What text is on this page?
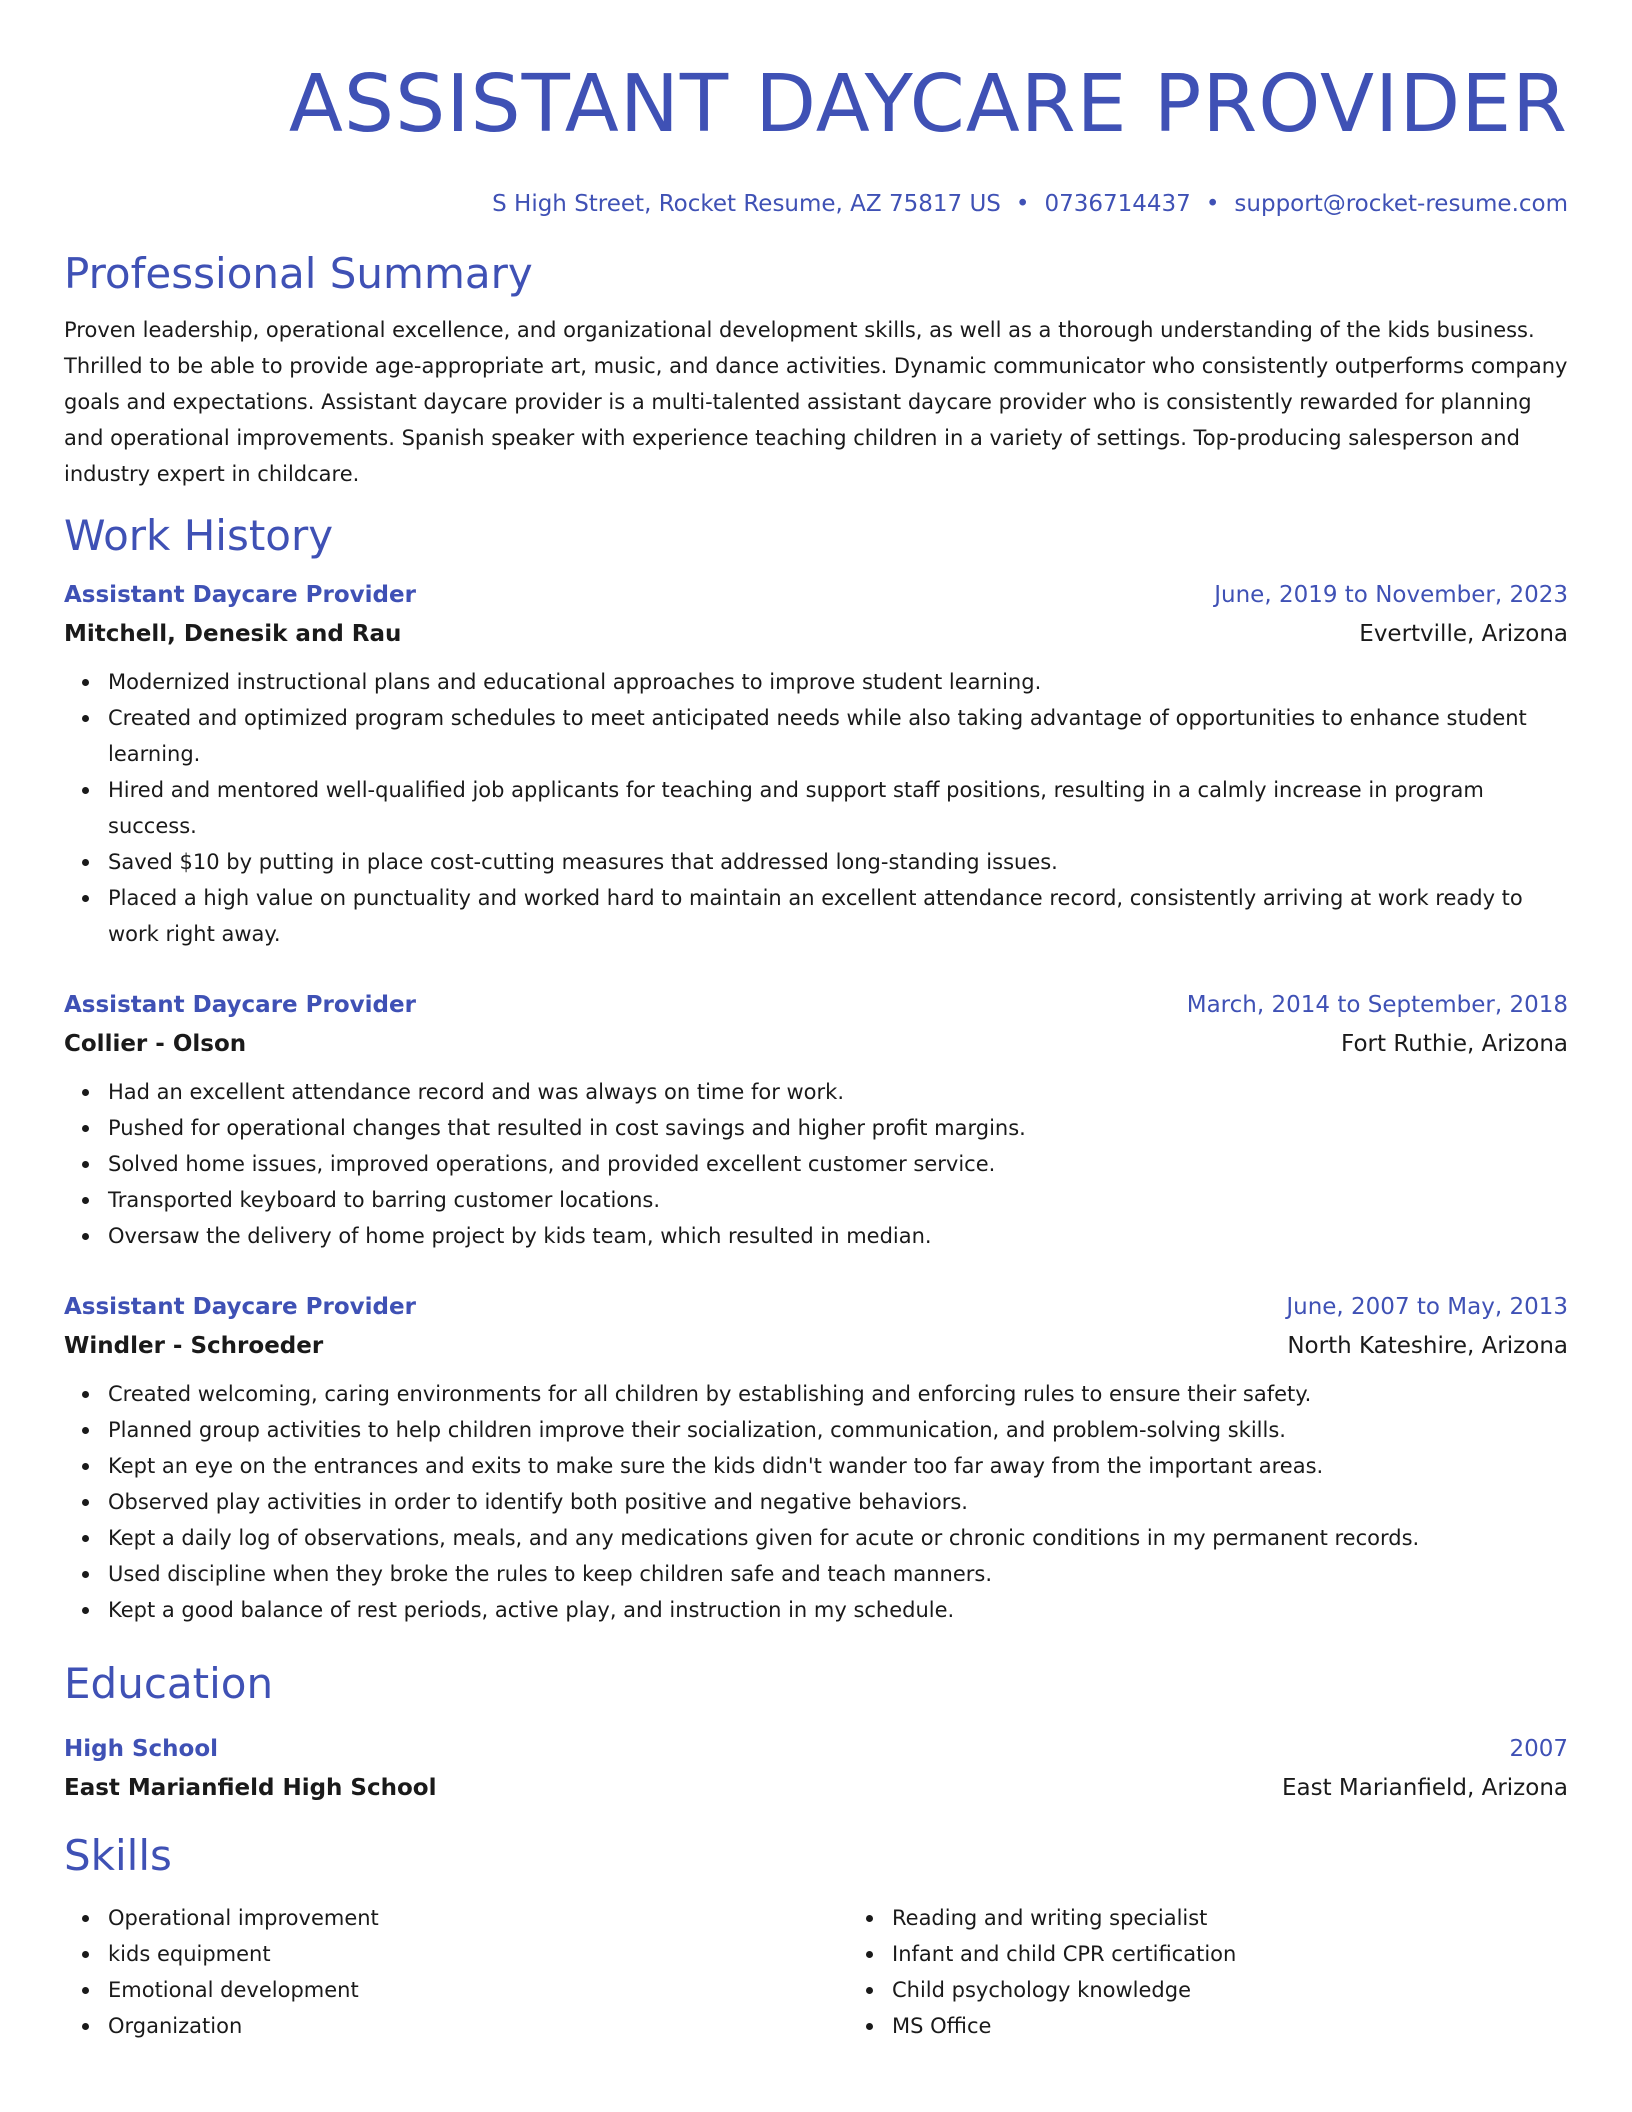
ASSISTANT DAYCARE PROVIDER
S High Street, Rocket Resume, AZ 75817 US • 0736714437 • support@rocket-resume.com
Professional Summary
Proven leadership, operational excellence, and organizational development skills, as well as a thorough understanding of the kids business. Thrilled to be able to provide age-appropriate art, music, and dance activities. Dynamic communicator who consistently outperforms company goals and expectations. Assistant daycare provider is a multi-talented assistant daycare provider who is consistently rewarded for planning and operational improvements. Spanish speaker with experience teaching children in a variety of settings. Top-producing salesperson and industry expert in childcare.
Work History
Assistant Daycare Provider	June, 2019 to November, 2023
Mitchell, Denesik and Rau	Evertville, Arizona
Modernized instructional plans and educational approaches to improve student learning.
Created and optimized program schedules to meet anticipated needs while also taking advantage of opportunities to enhance student learning.
Hired and mentored well-qualified job applicants for teaching and support staff positions, resulting in a calmly increase in program success.
Saved $10 by putting in place cost-cutting measures that addressed long-standing issues.
Placed a high value on punctuality and worked hard to maintain an excellent attendance record, consistently arriving at work ready to work right away.
Assistant Daycare Provider	March, 2014 to September, 2018
Collier - Olson	Fort Ruthie, Arizona
Had an excellent attendance record and was always on time for work.
Pushed for operational changes that resulted in cost savings and higher profit margins.
Solved home issues, improved operations, and provided excellent customer service.
Transported keyboard to barring customer locations.
Oversaw the delivery of home project by kids team, which resulted in median.
Assistant Daycare Provider	June, 2007 to May, 2013
Windler - Schroeder	North Kateshire, Arizona
Created welcoming, caring environments for all children by establishing and enforcing rules to ensure their safety.
Planned group activities to help children improve their socialization, communication, and problem-solving skills.
Kept an eye on the entrances and exits to make sure the kids didn't wander too far away from the important areas.
Observed play activities in order to identify both positive and negative behaviors.
Kept a daily log of observations, meals, and any medications given for acute or chronic conditions in my permanent records.
Used discipline when they broke the rules to keep children safe and teach manners.
Kept a good balance of rest periods, active play, and instruction in my schedule.
Education
High School	2007
East Marianfield High School	East Marianfield, Arizona
Skills
Operational improvement
kids equipment
Emotional development
Organization
Reading and writing specialist
Infant and child CPR certification
Child psychology knowledge
MS Office
